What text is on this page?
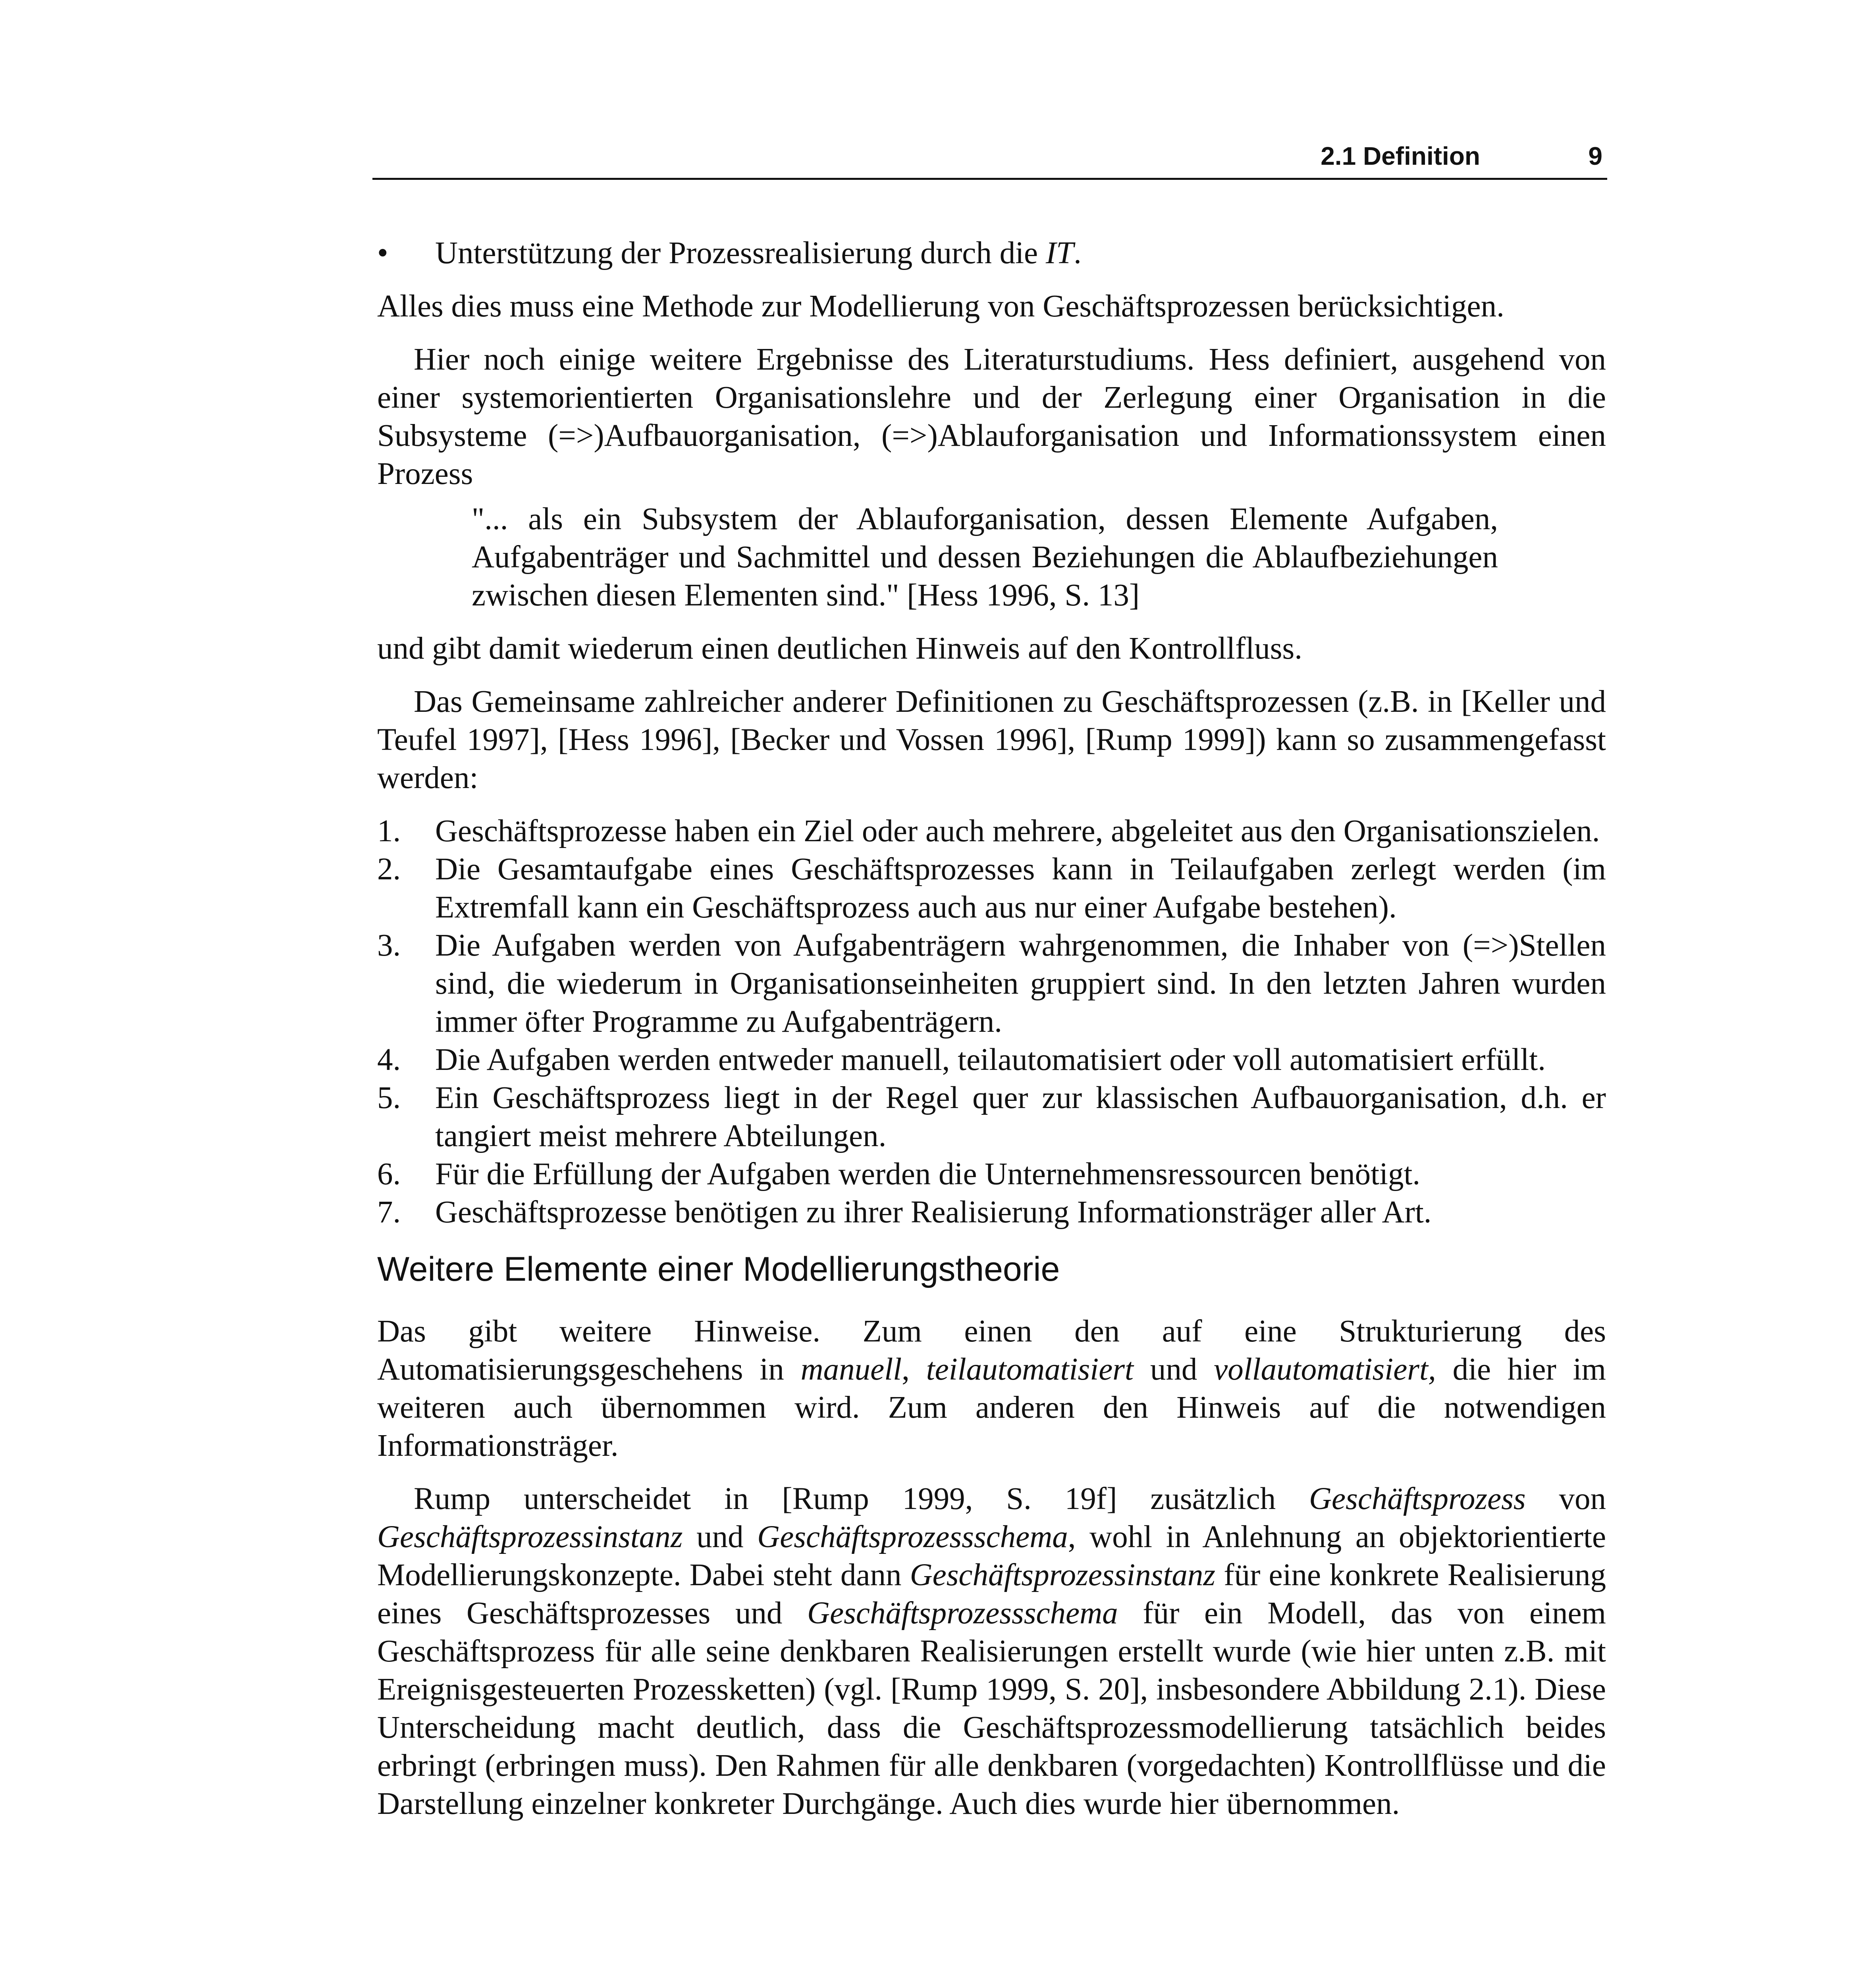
2.1 Definition	9

• Unterstützung der Prozessrealisierung durch die IT.

Alles dies muss eine Methode zur Modellierung von Geschäftsprozessen berücksichtigen.

Hier noch einige weitere Ergebnisse des Literaturstudiums. Hess definiert, ausgehend von einer systemorientierten Organisationslehre und der Zerlegung einer Organisation in die Subsysteme (=>)Aufbauorganisation, (=>)Ablauforganisation und Informationssystem einen Prozess

"... als ein Subsystem der Ablauforganisation, dessen Elemente Aufgaben, Aufgabenträger und Sachmittel und dessen Beziehungen die Ablaufbeziehungen zwischen diesen Elementen sind." [Hess 1996, S. 13]

und gibt damit wiederum einen deutlichen Hinweis auf den Kontrollfluss.

Das Gemeinsame zahlreicher anderer Definitionen zu Geschäftsprozessen (z.B. in [Keller und Teufel 1997], [Hess 1996], [Becker und Vossen 1996], [Rump 1999]) kann so zusammengefasst werden:

1. Geschäftsprozesse haben ein Ziel oder auch mehrere, abgeleitet aus den Organisationszielen.
2. Die Gesamtaufgabe eines Geschäftsprozesses kann in Teilaufgaben zerlegt werden (im Extremfall kann ein Geschäftsprozess auch aus nur einer Aufgabe bestehen).
3. Die Aufgaben werden von Aufgabenträgern wahrgenommen, die Inhaber von (=>)Stellen sind, die wiederum in Organisationseinheiten gruppiert sind. In den letzten Jahren wurden immer öfter Programme zu Aufgabenträgern.
4. Die Aufgaben werden entweder manuell, teilautomatisiert oder voll automatisiert erfüllt.
5. Ein Geschäftsprozess liegt in der Regel quer zur klassischen Aufbauorganisation, d.h. er tangiert meist mehrere Abteilungen.
6. Für die Erfüllung der Aufgaben werden die Unternehmensressourcen benötigt.
7. Geschäftsprozesse benötigen zu ihrer Realisierung Informationsträger aller Art.
Weitere Elemente einer Modellierungstheorie

Das gibt weitere Hinweise. Zum einen den auf eine Strukturierung des Automatisierungsgeschehens in manuell, teilautomatisiert und vollautomatisiert, die hier im weiteren auch übernommen wird. Zum anderen den Hinweis auf die notwendigen Informationsträger.

Rump unterscheidet in [Rump 1999, S. 19f] zusätzlich Geschäftsprozess von Geschäftsprozessinstanz und Geschäftsprozessschema, wohl in Anlehnung an objektorientierte Modellierungskonzepte. Dabei steht dann Geschäftsprozessinstanz für eine konkrete Realisierung eines Geschäftsprozesses und Geschäftsprozessschema für ein Modell, das von einem Geschäftsprozess für alle seine denkbaren Realisierungen erstellt wurde (wie hier unten z.B. mit Ereignisgesteuerten Prozessketten) (vgl. [Rump 1999, S. 20], insbesondere Abbildung 2.1). Diese Unterscheidung macht deutlich, dass die Geschäftsprozessmodellierung tatsächlich beides erbringt (erbringen muss). Den Rahmen für alle denkbaren (vorgedachten) Kontrollflüsse und die Darstellung einzelner konkreter Durchgänge. Auch dies wurde hier übernommen.
